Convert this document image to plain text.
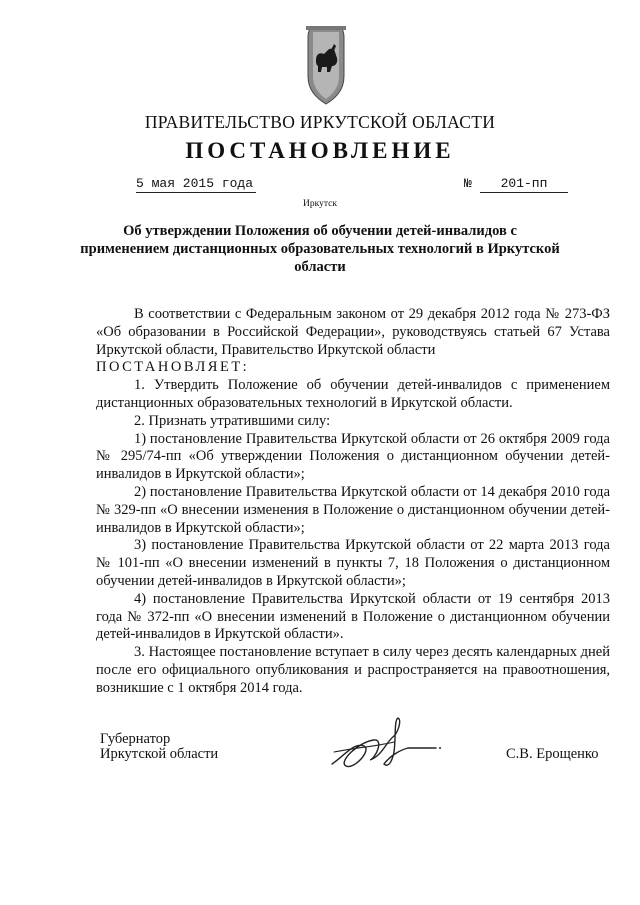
ПРАВИТЕЛЬСТВО ИРКУТСКОЙ ОБЛАСТИ
ПОСТАНОВЛЕНИЕ
5 мая 2015 года	№	201-пп
Иркутск
Об утверждении Положения об обучении детей-инвалидов с применением дистанционных образовательных технологий в Иркутской области

В соответствии с Федеральным законом от 29 декабря 2012 года № 273-ФЗ «Об образовании в Российской Федерации», руководствуясь статьей 67 Устава Иркутской области, Правительство Иркутской области

ПОСТАНОВЛЯЕТ:

1. Утвердить Положение об обучении детей-инвалидов с применением дистанционных образовательных технологий в Иркутской области.

2. Признать утратившими силу:

1) постановление Правительства Иркутской области от 26 октября 2009 года № 295/74-пп «Об утверждении Положения о дистанционном обучении детей-инвалидов в Иркутской области»;

2) постановление Правительства Иркутской области от 14 декабря 2010 года № 329-пп «О внесении изменения в Положение о дистанционном обучении детей-инвалидов в Иркутской области»;

3) постановление Правительства Иркутской области от 22 марта 2013 года № 101-пп «О внесении изменений в пункты 7, 18 Положения о дистанционном обучении детей-инвалидов в Иркутской области»;

4) постановление Правительства Иркутской области от 19 сентября 2013 года № 372-пп «О внесении изменений в Положение о дистанционном обучении детей-инвалидов в Иркутской области».

3. Настоящее постановление вступает в силу через десять календарных дней после его официального опубликования и распространяется на правоотношения, возникшие с 1 октября 2014 года.

Губернатор
Иркутской области	С.В. Ерощенко
